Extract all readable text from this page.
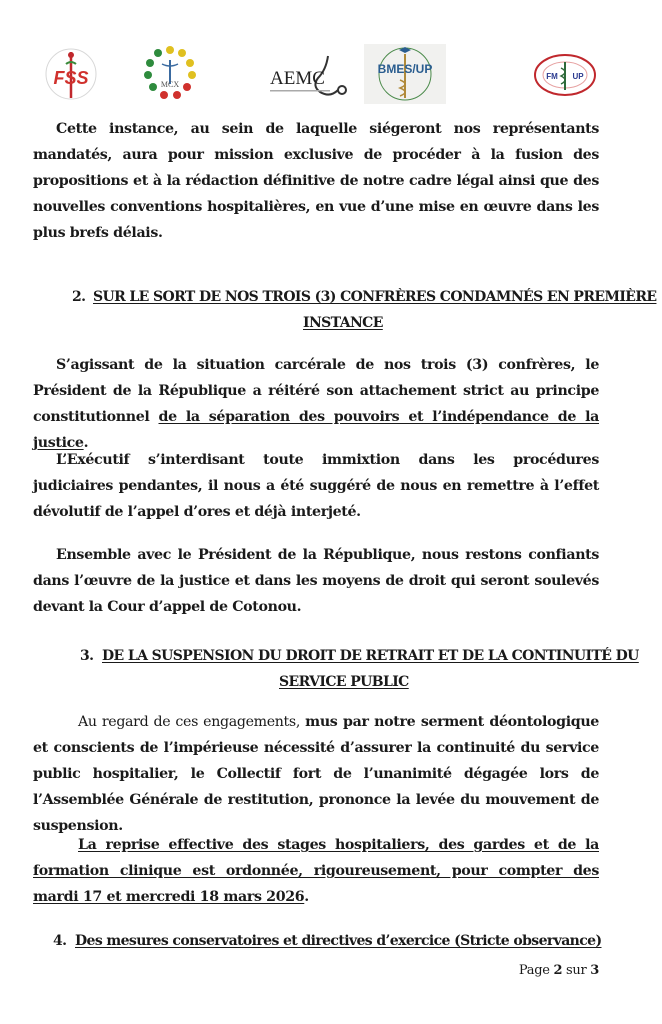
FSS	MCX	AEMC	BMES/UP
FM UP

Cette instance, au sein de laquelle siégeront nos représentants mandatés, aura pour mission exclusive de procéder à la fusion des propositions et à la rédaction définitive de notre cadre légal ainsi que des nouvelles conventions hospitalières, en vue d’une mise en œuvre dans les plus brefs délais.

2. SUR LE SORT DE NOS TROIS (3) CONFRÈRES CONDAMNÉS EN PREMIÈRE
INSTANCE

S’agissant de la situation carcérale de nos trois (3) confrères, le Président de la République a réitéré son attachement strict au principe constitutionnel de la séparation des pouvoirs et l’indépendance de la justice.

L’Exécutif s’interdisant toute immixtion dans les procédures judiciaires pendantes, il nous a été suggéré de nous en remettre à l’effet dévolutif de l’appel d’ores et déjà interjeté.

Ensemble avec le Président de la République, nous restons confiants dans l’œuvre de la justice et dans les moyens de droit qui seront soulevés devant la Cour d’appel de Cotonou.

3. DE LA SUSPENSION DU DROIT DE RETRAIT ET DE LA CONTINUITÉ DU
SERVICE PUBLIC

Au regard de ces engagements, mus par notre serment déontologique et conscients de l’impérieuse nécessité d’assurer la continuité du service public hospitalier, le Collectif fort de l’unanimité dégagée lors de l’Assemblée Générale de restitution, prononce la levée du mouvement de suspension.

La reprise effective des stages hospitaliers, des gardes et de la formation clinique est ordonnée, rigoureusement, pour compter des mardi 17 et mercredi 18 mars 2026.

4. Des mesures conservatoires et directives d’exercice (Stricte observance)
Page 2 sur 3
